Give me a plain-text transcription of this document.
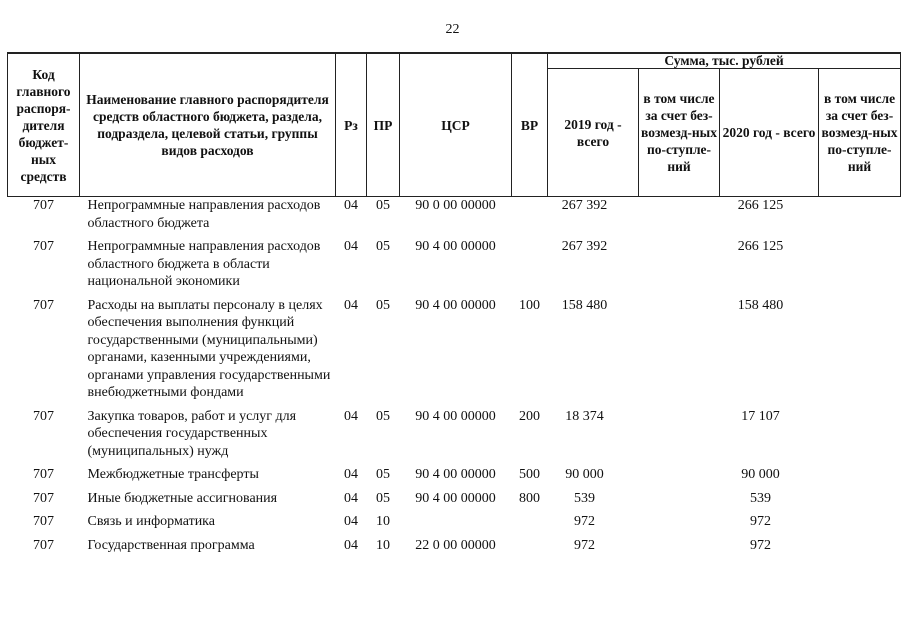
22
Код главного распоря-дителя бюджет-ных средств	Наименование главного распорядителя средств областного бюджета, раздела, подраздела, целевой статьи, группы видов расходов	Рз	ПР	ЦСР	ВР	Сумма, тыс. рублей			
						2019 год - всего	в том числе за счет без-возмезд-ных по-ступле-ний	2020 год - всего	в том числе за счет без-возмезд-ных по-ступле-ний
707	Непрограммные направления расходов областного бюджета	04	05	90 0 00 00000		267 392		266 125	
707	Непрограммные направления расходов областного бюджета в области национальной экономики	04	05	90 4 00 00000		267 392		266 125	
707	Расходы на выплаты персоналу в целях обеспечения выполнения функций государственными (муниципальными) органами, казенными учреждениями, органами управления государственными внебюджетными фондами	04	05	90 4 00 00000	100	158 480		158 480	
707	Закупка товаров, работ и услуг для обеспечения государственных (муниципальных) нужд	04	05	90 4 00 00000	200	18 374		17 107	
707	Межбюджетные трансферты	04	05	90 4 00 00000	500	90 000		90 000	
707	Иные бюджетные ассигнования	04	05	90 4 00 00000	800	539		539	
707	Связь и информатика	04	10			972		972	
707	Государственная программа	04	10	22 0 00 00000		972		972	
